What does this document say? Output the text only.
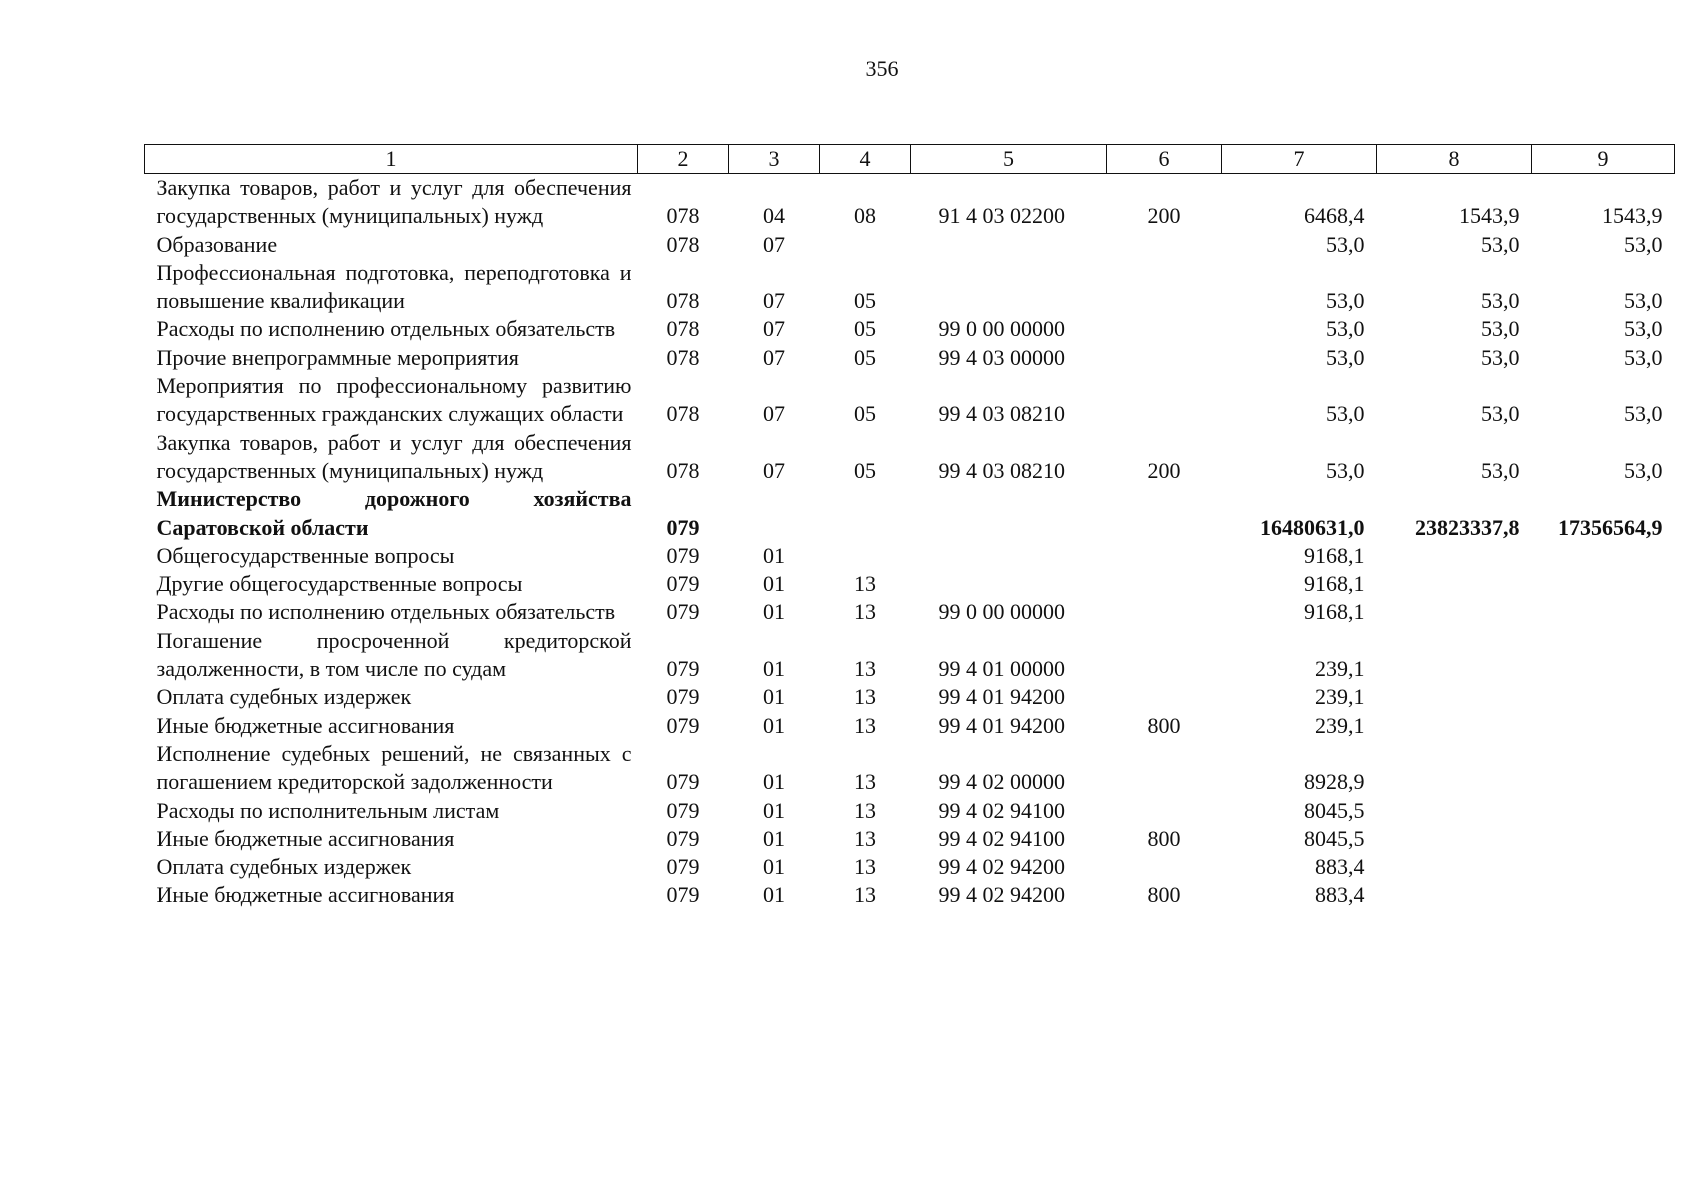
356
1	2	3	4	5	6	7	8	9
Закупка товаров, работ и услуг для обеспечения государственных (муниципальных) нужд	078	04	08	91 4 03 02200	200	6468,4	1543,9	1543,9
Образование	078	07				53,0	53,0	53,0
Профессиональная подготовка, переподготовка и повышение квалификации	078	07	05			53,0	53,0	53,0
Расходы по исполнению отдельных обязательств	078	07	05	99 0 00 00000		53,0	53,0	53,0
Прочие внепрограммные мероприятия	078	07	05	99 4 03 00000		53,0	53,0	53,0
Мероприятия по профессиональному развитию государственных гражданских служащих области	078	07	05	99 4 03 08210		53,0	53,0	53,0
Закупка товаров, работ и услуг для обеспечения государственных (муниципальных) нужд	078	07	05	99 4 03 08210	200	53,0	53,0	53,0
Министерство дорожного хозяйства Саратовской области	079					16480631,0	23823337,8	17356564,9
Общегосударственные вопросы	079	01				9168,1		
Другие общегосударственные вопросы	079	01	13			9168,1		
Расходы по исполнению отдельных обязательств	079	01	13	99 0 00 00000		9168,1		
Погашение просроченной кредиторской задолженности, в том числе по судам	079	01	13	99 4 01 00000		239,1		
Оплата судебных издержек	079	01	13	99 4 01 94200		239,1		
Иные бюджетные ассигнования	079	01	13	99 4 01 94200	800	239,1		
Исполнение судебных решений, не связанных с погашением кредиторской задолженности	079	01	13	99 4 02 00000		8928,9		
Расходы по исполнительным листам	079	01	13	99 4 02 94100		8045,5		
Иные бюджетные ассигнования	079	01	13	99 4 02 94100	800	8045,5		
Оплата судебных издержек	079	01	13	99 4 02 94200		883,4		
Иные бюджетные ассигнования	079	01	13	99 4 02 94200	800	883,4		
